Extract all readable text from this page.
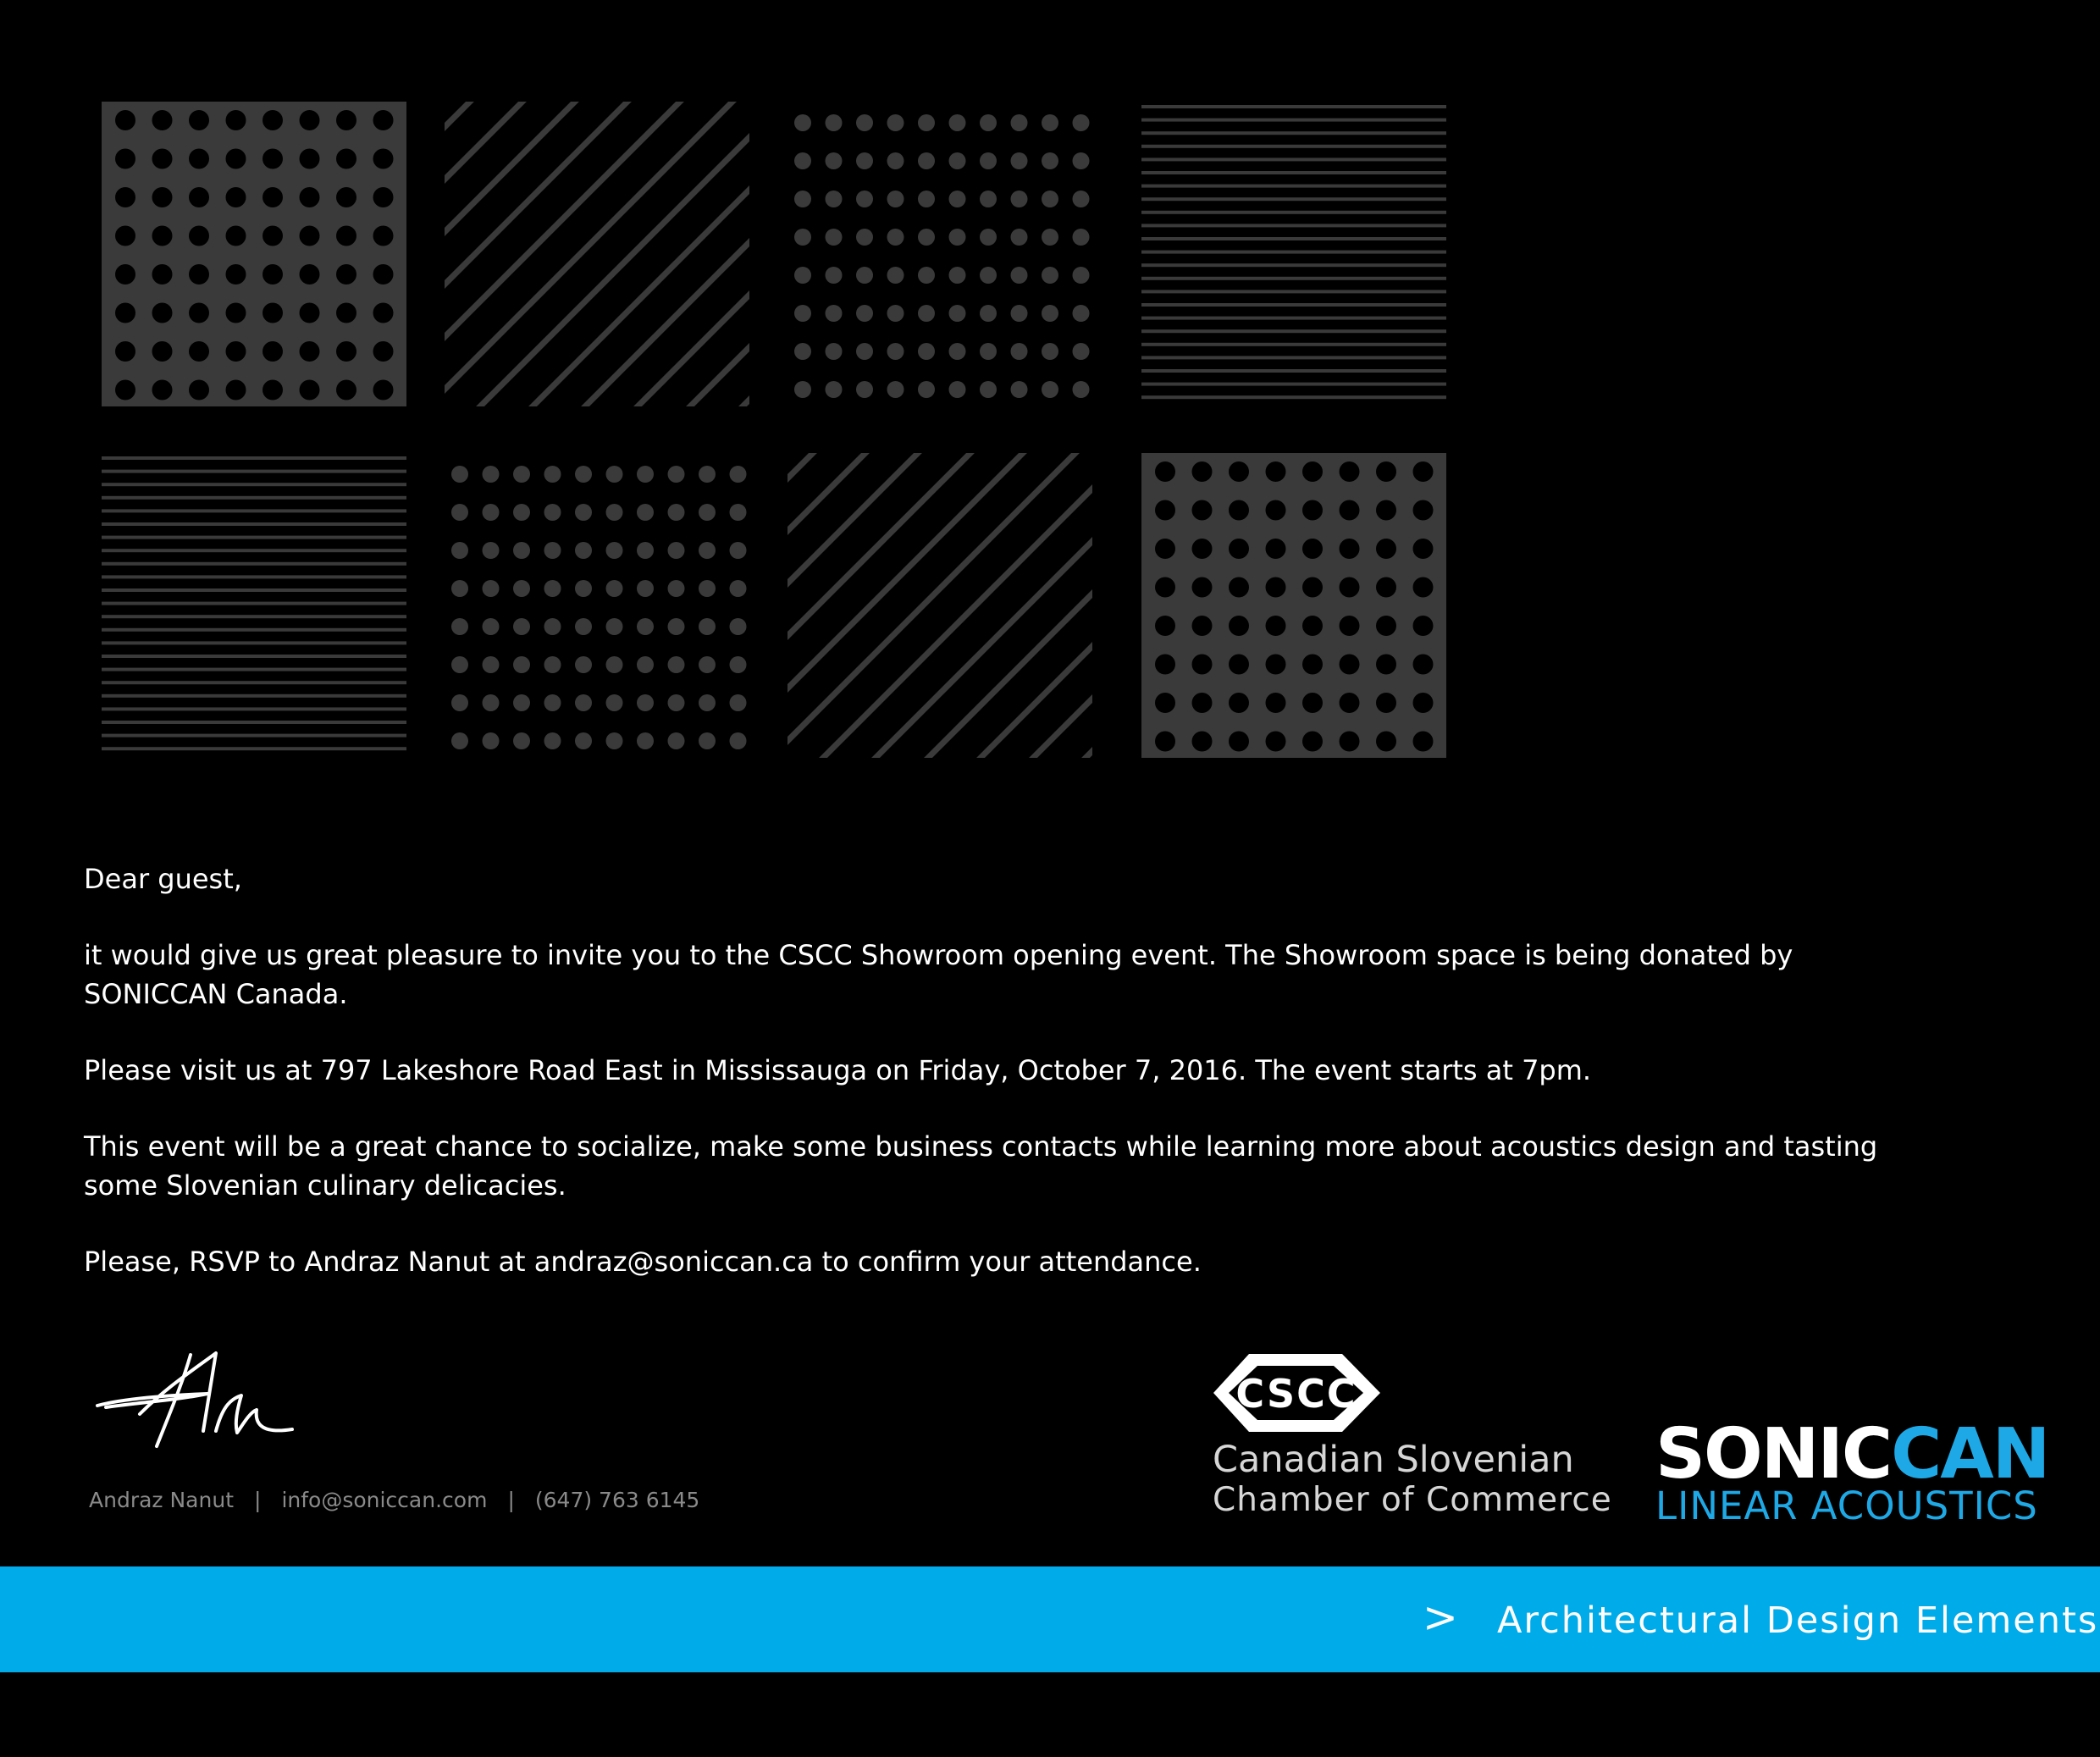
Dear guest,

it would give us great pleasure to invite you to the CSCC Showroom opening event. The Showroom space is being donated by SONICCAN Canada.

Please visit us at 797 Lakeshore Road East in Mississauga on Friday, October 7, 2016. The event starts at 7pm.

This event will be a great chance to socialize, make some business contacts while learning more about acoustics design and tasting some Slovenian culinary delicacies.

Please, RSVP to Andraz Nanut at andraz@soniccan.ca to confirm your attendance.

Andraz Nanut | info@soniccan.com | (647) 763 6145
CSCC
Canadian Slovenian
Chamber of Commerce
SONICCAN
LINEAR ACOUSTICS
> Architectural Design Elements
